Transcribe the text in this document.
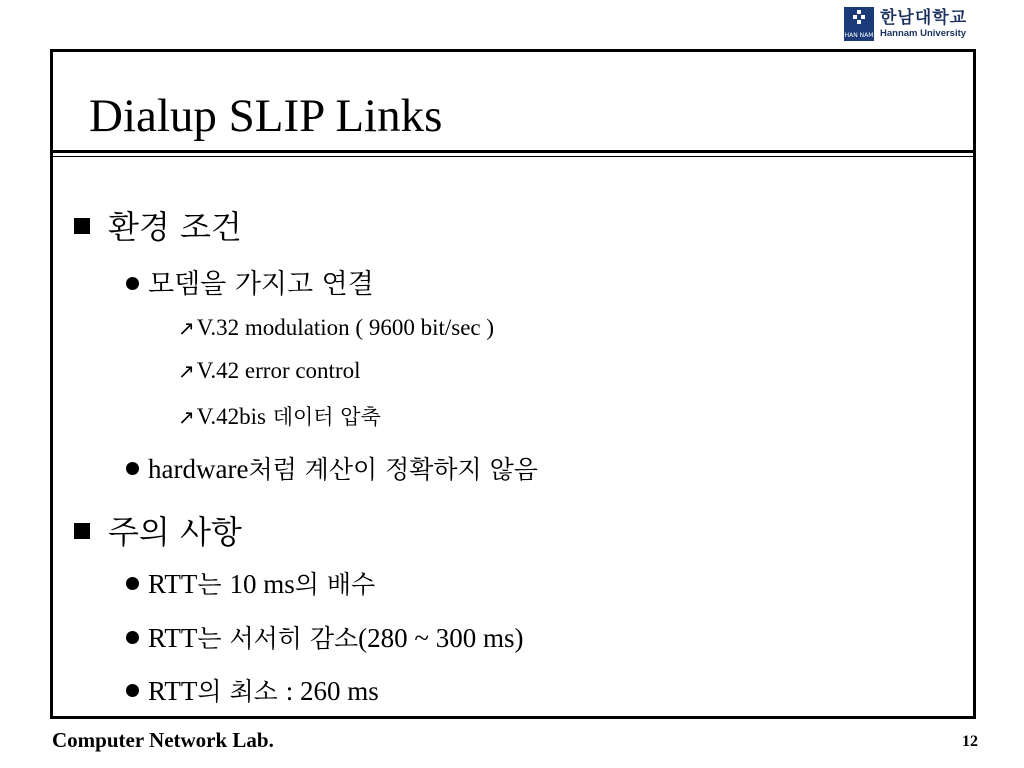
HAN NAM
한남대학교
Hannam University
Dialup SLIP Links
환경 조건
모뎀을 가지고 연결
↗ V.32 modulation ( 9600 bit/sec )
↗ V.42 error control
↗ V.42bis 데이터 압축
hardware 처럼 계산이 정확하지 않음
주의 사항
RTT 는 10 ms 의 배수
RTT 는 서서히 감소 (280 ~ 300 ms)
RTT 의 최소 : 260 ms
Computer Network Lab.	12
